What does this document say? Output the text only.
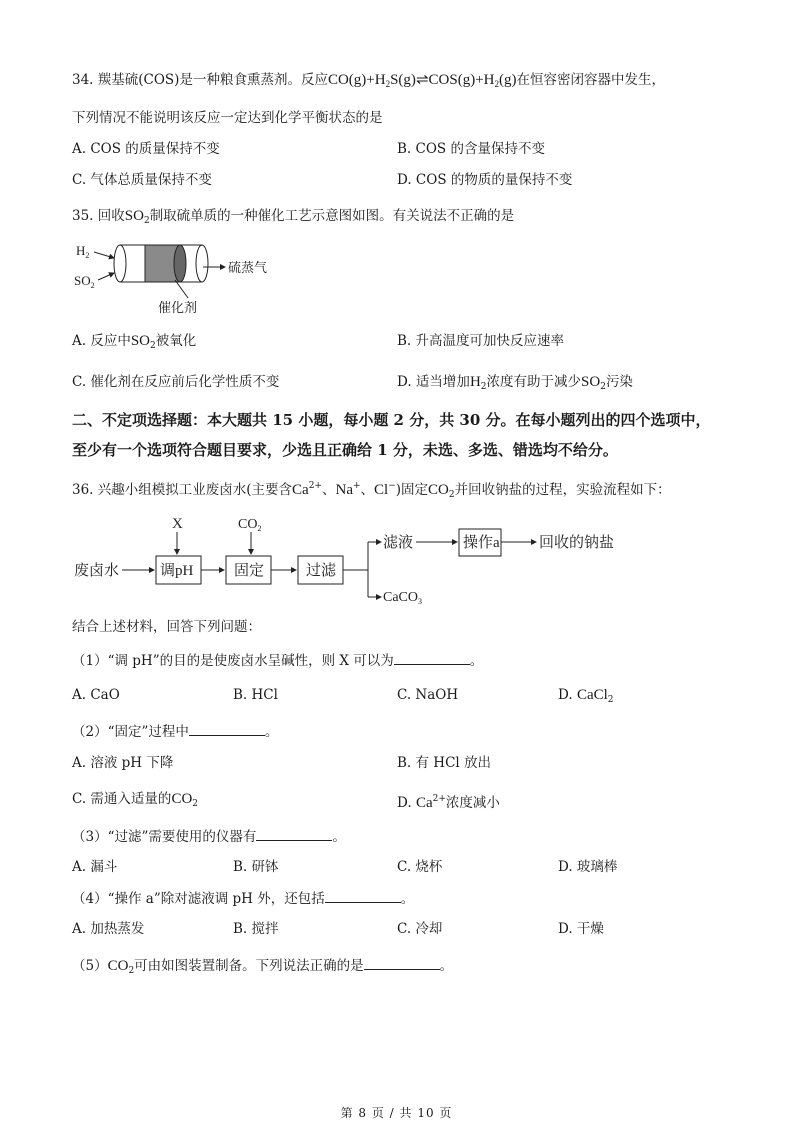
34. 羰基硫(COS)是一种粮食熏蒸剂。反应$CO(g)+H_2S(g)\rightleftharpoons COS(g)+H_2(g)$在恒容密闭容器中发生，
下列情况不能说明该反应一定达到化学平衡状态的是
A. COS 的质量保持不变	B. COS 的含量保持不变
C. 气体总质量保持不变	D. COS 的物质的量保持不变
35. 回收$SO_2$制取硫单质的一种催化工艺示意图如图。有关说法不正确的是
$H_2$
$SO_2$
硫蒸气
催化剂
A. 反应中$SO_2$被氧化	B. 升高温度可加快反应速率
C. 催化剂在反应前后化学性质不变	D. 适当增加$H_2$浓度有助于减少$SO_2$污染
二、不定项选择题：本大题共 15 小题，每小题 2 分，共 30 分。在每小题列出的四个选项中，
至少有一个选项符合题目要求，少选且正确给 1 分，未选、多选、错选均不给分。
36. 兴趣小组模拟工业废卤水(主要含$Ca^{2+}$、Na+、Cl−)固定$CO_2$并回收钠盐的过程，实验流程如下：
废卤水	调pH
X
固定
$CO_2$
过滤
滤液
CaCO$_3$
操作a	回收的钠盐
结合上述材料，回答下列问题：
（1）“调 pH”的目的是使废卤水呈碱性，则 X 可以为	。
A. CaO	B. HCl	C. NaOH	D. CaCl$_2$
（2）“固定”过程中	。
A. 溶液 pH 下降	B. 有 HCl 放出
C. 需通入适量的$CO_2$	D. $Ca^{2+}$浓度减小
（3）“过滤”需要使用的仪器有	。
A. 漏斗	B. 研钵	C. 烧杯	D. 玻璃棒
（4）“操作 a”除对滤液调 pH 外，还包括	。
A. 加热蒸发	B. 搅拌	C. 冷却	D. 干燥
$(5)CO_2$可由如图装置制备。下列说法正确的是	。
第 8 页 / 共 10 页
